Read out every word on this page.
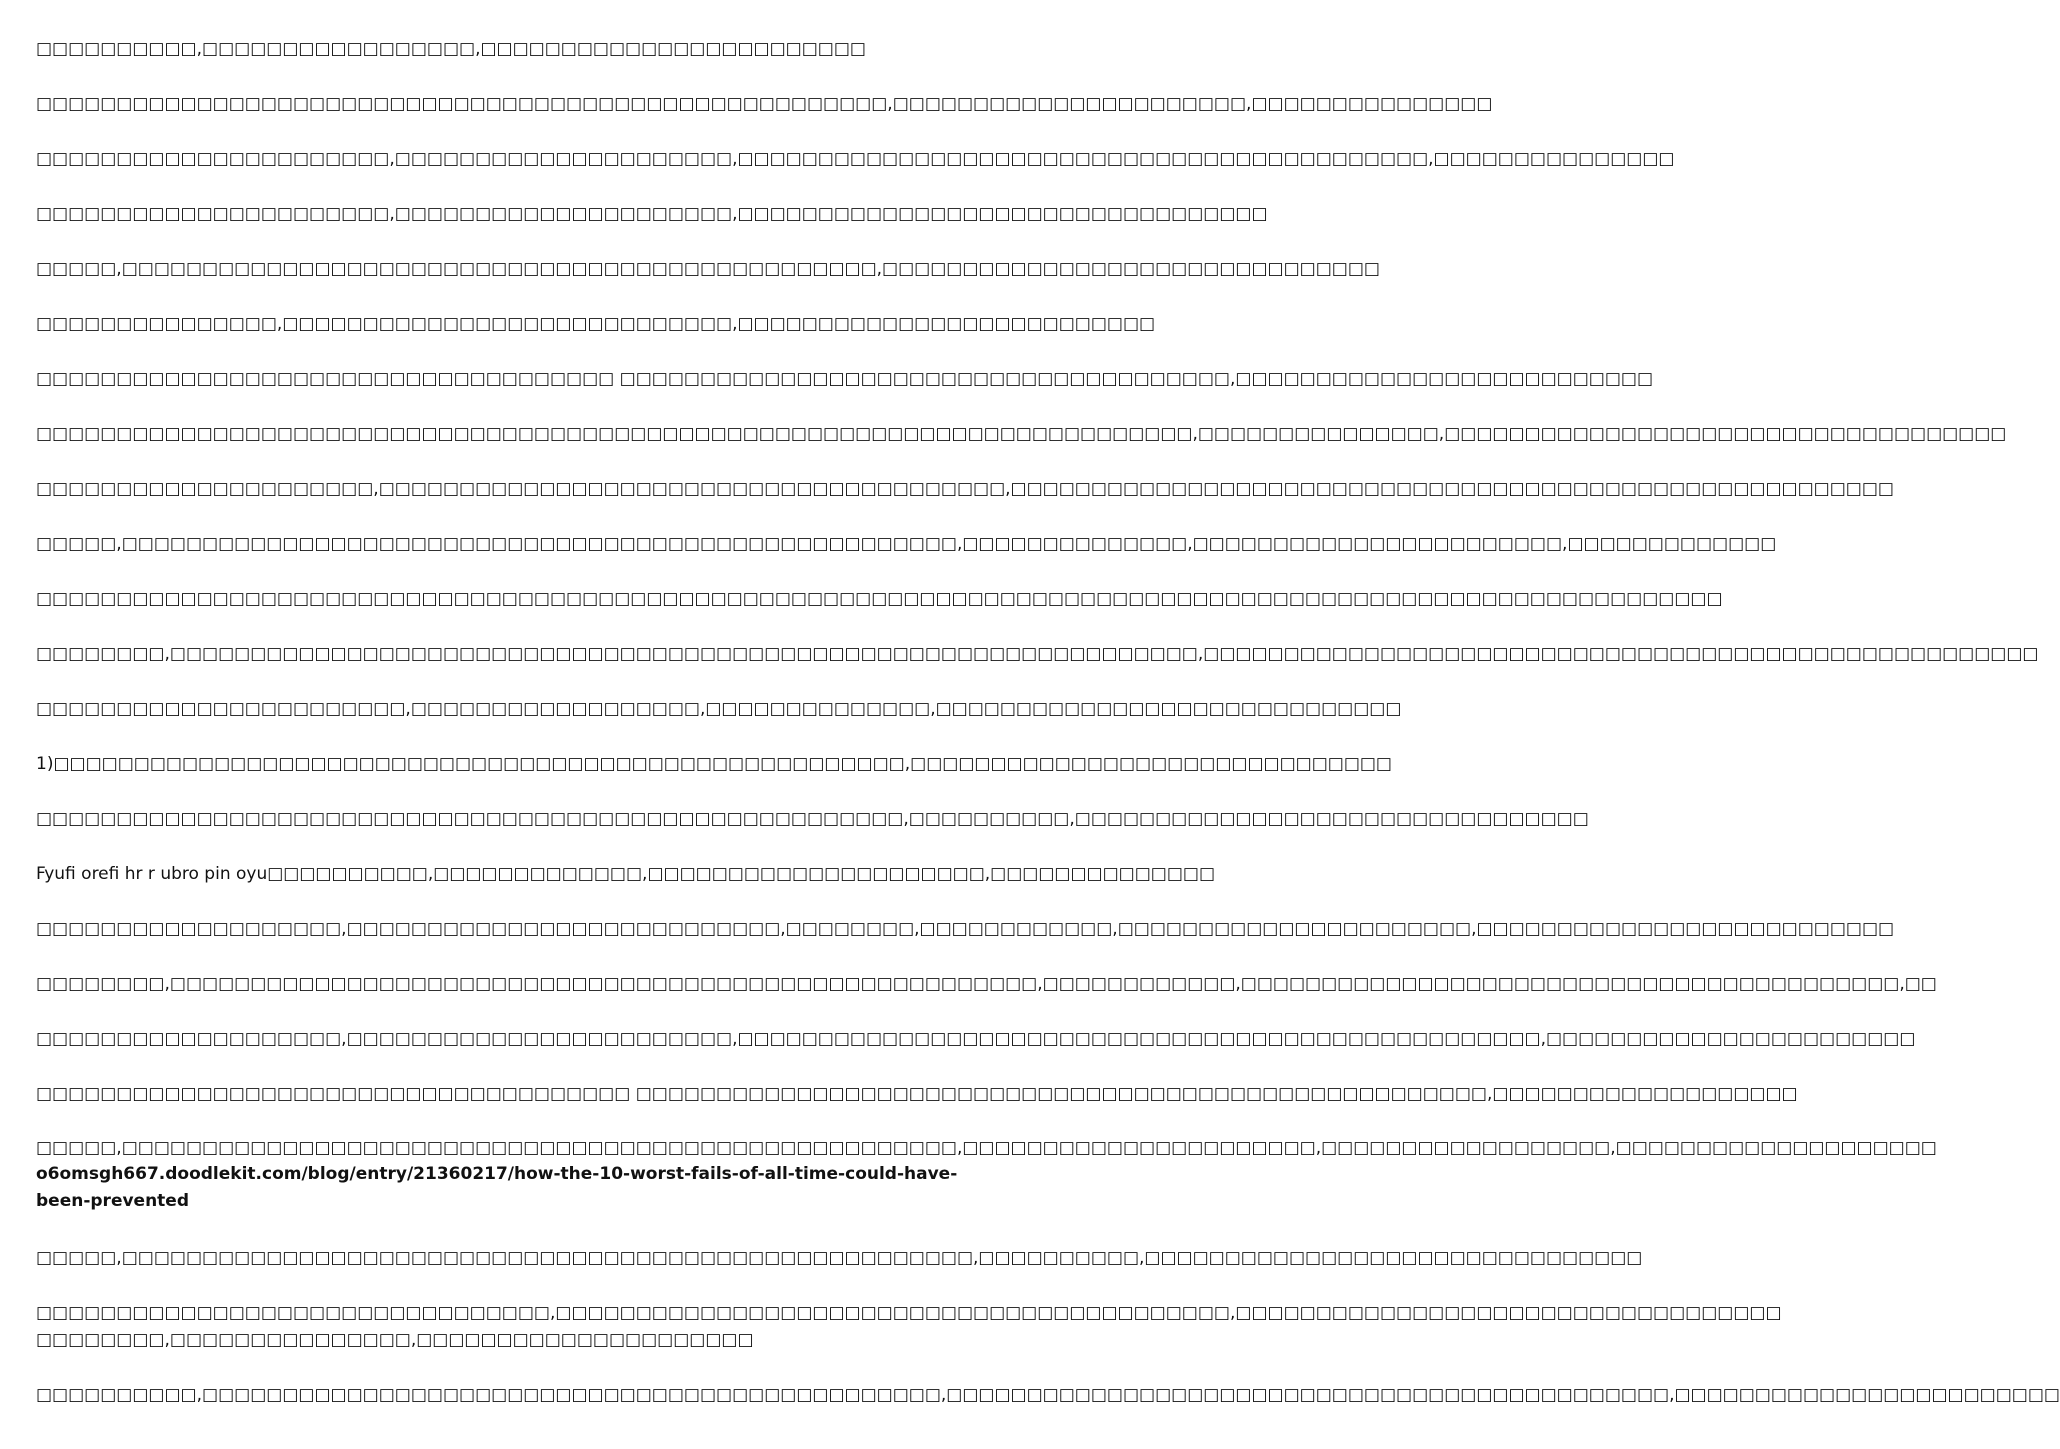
□□□□□□□□□□,□□□□□□□□□□□□□□□□□,□□□□□□□□□□□□□□□□□□□□□□□□

□□□□□□□□□□□□□□□□□□□□□□□□□□□□□□□□□□□□□□□□□□□□□□□□□□□□□,□□□□□□□□□□□□□□□□□□□□□□,□□□□□□□□□□□□□□□

□□□□□□□□□□□□□□□□□□□□□□,□□□□□□□□□□□□□□□□□□□□□,□□□□□□□□□□□□□□□□□□□□□□□□□□□□□□□□□□□□□□□□□□□,□□□□□□□□□□□□□□□

□□□□□□□□□□□□□□□□□□□□□□,□□□□□□□□□□□□□□□□□□□□□,□□□□□□□□□□□□□□□□□□□□□□□□□□□□□□□□□

□□□□□,□□□□□□□□□□□□□□□□□□□□□□□□□□□□□□□□□□□□□□□□□□□□□□□,□□□□□□□□□□□□□□□□□□□□□□□□□□□□□□□

□□□□□□□□□□□□□□□,□□□□□□□□□□□□□□□□□□□□□□□□□□□□,□□□□□□□□□□□□□□□□□□□□□□□□□□

□□□□□□□□□□□□□□□□□□□□□□□□□□□□□□□□□□□□ □□□□□□□□□□□□□□□□□□□□□□□□□□□□□□□□□□□□□□,□□□□□□□□□□□□□□□□□□□□□□□□□□

□□□□□□□□□□□□□□□□□□□□□□□□□□□□□□□□□□□□□□□□□□□□□□□□□□□□□□□□□□□□□□□□□□□□□□□□,□□□□□□□□□□□□□□□,□□□□□□□□□□□□□□□□□□□□□□□□□□□□□□□□□□□

□□□□□□□□□□□□□□□□□□□□□,□□□□□□□□□□□□□□□□□□□□□□□□□□□□□□□□□□□□□□□,□□□□□□□□□□□□□□□□□□□□□□□□□□□□□□□□□□□□□□□□□□□□□□□□□□□□□□□

□□□□□,□□□□□□□□□□□□□□□□□□□□□□□□□□□□□□□□□□□□□□□□□□□□□□□□□□□□,□□□□□□□□□□□□□□,□□□□□□□□□□□□□□□□□□□□□□□,□□□□□□□□□□□□□

□□□□□□□□□□□□□□□□□□□□□□□□□□□□□□□□□□□□□□□□□□□□□□□□□□□□□□□□□□□□□□□□□□□□□□□□□□□□□□□□□□□□□□□□□□□□□□□□□□□□□□□□□

□□□□□□□□,□□□□□□□□□□□□□□□□□□□□□□□□□□□□□□□□□□□□□□□□□□□□□□□□□□□□□□□□□□□□□□□□,□□□□□□□□□□□□□□□□□□□□□□□□□□□□□□□□□□□□□□□□□□□□□□□□□□□□

□□□□□□□□□□□□□□□□□□□□□□□,□□□□□□□□□□□□□□□□□□,□□□□□□□□□□□□□□,□□□□□□□□□□□□□□□□□□□□□□□□□□□□□

1)□□□□□□□□□□□□□□□□□□□□□□□□□□□□□□□□□□□□□□□□□□□□□□□□□□□□□,□□□□□□□□□□□□□□□□□□□□□□□□□□□□□□

□□□□□□□□□□□□□□□□□□□□□□□□□□□□□□□□□□□□□□□□□□□□□□□□□□□□□□,□□□□□□□□□□,□□□□□□□□□□□□□□□□□□□□□□□□□□□□□□□□

Fyufi orefi hr r ubro pin oyu□□□□□□□□□□,□□□□□□□□□□□□□,□□□□□□□□□□□□□□□□□□□□□,□□□□□□□□□□□□□□

□□□□□□□□□□□□□□□□□□□,□□□□□□□□□□□□□□□□□□□□□□□□□□□,□□□□□□□□,□□□□□□□□□□□□,□□□□□□□□□□□□□□□□□□□□□□,□□□□□□□□□□□□□□□□□□□□□□□□□□

□□□□□□□□,□□□□□□□□□□□□□□□□□□□□□□□□□□□□□□□□□□□□□□□□□□□□□□□□□□□□□□,□□□□□□□□□□□□,□□□□□□□□□□□□□□□□□□□□□□□□□□□□□□□□□□□□□□□□□,□□

□□□□□□□□□□□□□□□□□□□,□□□□□□□□□□□□□□□□□□□□□□□□,□□□□□□□□□□□□□□□□□□□□□□□□□□□□□□□□□□□□□□□□□□□□□□□□□□,□□□□□□□□□□□□□□□□□□□□□□□

□□□□□□□□□□□□□□□□□□□□□□□□□□□□□□□□□□□□□ □□□□□□□□□□□□□□□□□□□□□□□□□□□□□□□□□□□□□□□□□□□□□□□□□□□□□,□□□□□□□□□□□□□□□□□□□

□□□□□,□□□□□□□□□□□□□□□□□□□□□□□□□□□□□□□□□□□□□□□□□□□□□□□□□□□□,□□□□□□□□□□□□□□□□□□□□□□,□□□□□□□□□□□□□□□□□□,□□□□□□□□□□□□□□□□□□□□

o6omsgh667.doodlekit.com/blog/entry/21360217/how-the-10-worst-fails-of-all-time-could-have-been-prevented

□□□□□,□□□□□□□□□□□□□□□□□□□□□□□□□□□□□□□□□□□□□□□□□□□□□□□□□□□□□,□□□□□□□□□□,□□□□□□□□□□□□□□□□□□□□□□□□□□□□□□□

□□□□□□□□□□□□□□□□□□□□□□□□□□□□□□□□,□□□□□□□□□□□□□□□□□□□□□□□□□□□□□□□□□□□□□□□□□□,□□□□□□□□□□□□□□□□□□□□□□□□□□□□□□□□□□ □□□□□□□□,□□□□□□□□□□□□□□□,□□□□□□□□□□□□□□□□□□□□□

□□□□□□□□□□,□□□□□□□□□□□□□□□□□□□□□□□□□□□□□□□□□□□□□□□□□□□□□□,□□□□□□□□□□□□□□□□□□□□□□□□□□□□□□□□□□□□□□□□□□□□□,□□□□□□□□□□□□□□□□□□□□□□□□
